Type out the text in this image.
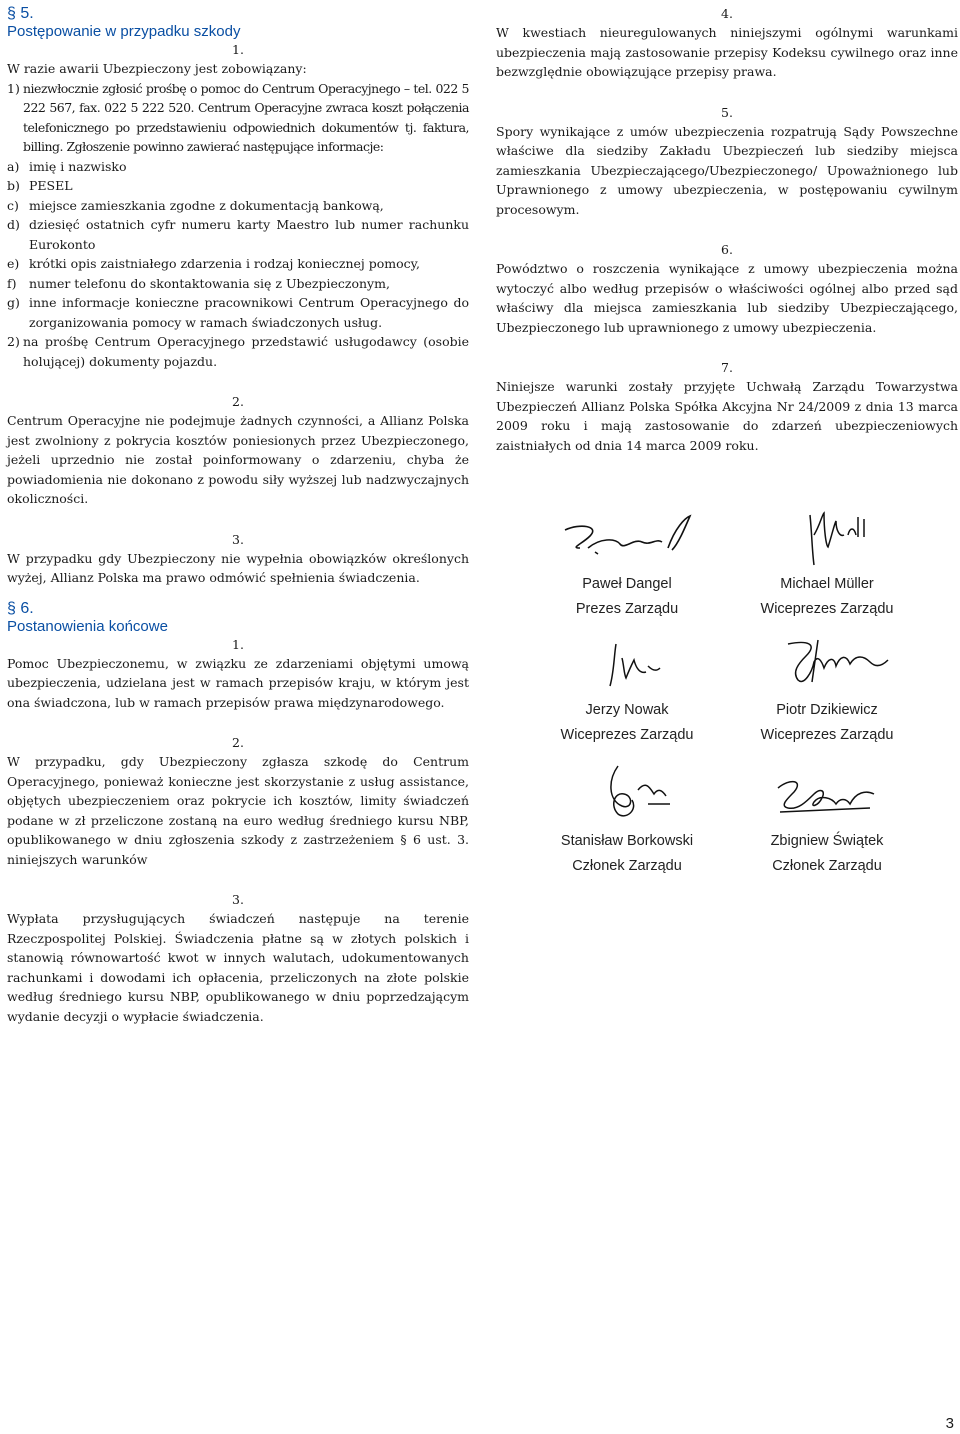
§ 5.
Postępowanie w przypadku szkody
1.

W razie awarii Ubezpieczony jest zobowiązany:

1) niezwłocznie zgłosić prośbę o pomoc do Centrum Operacyjnego – tel. 022 5 222 567, fax. 022 5 222 520. Centrum Operacyjne zwraca koszt połączenia telefonicznego po przedstawieniu odpowiednich dokumentów tj. faktura, billing. Zgłoszenie powinno zawierać następujące informacje:
a) imię i nazwisko
b) PESEL
c) miejsce zamieszkania zgodne z dokumentacją bankową,
d) dziesięć ostatnich cyfr numeru karty Maestro lub numer rachunku Eurokonto
e) krótki opis zaistniałego zdarzenia i rodzaj koniecznej pomocy,
f) numer telefonu do skontaktowania się z Ubezpieczonym,
g) inne informacje konieczne pracownikowi Centrum Operacyjnego do zorganizowania pomocy w ramach świadczonych usług.
2) na prośbę Centrum Operacyjnego przedstawić usługodawcy (osobie holującej) dokumenty pojazdu.
2.

Centrum Operacyjne nie podejmuje żadnych czynności, a Allianz Polska jest zwolniony z pokrycia kosztów poniesionych przez Ubezpieczonego, jeżeli uprzednio nie został poinformowany o zdarzeniu, chyba że powiadomienia nie dokonano z powodu siły wyższej lub nadzwyczajnych okoliczności.

3.

W przypadku gdy Ubezpieczony nie wypełnia obowiązków określonych wyżej, Allianz Polska ma prawo odmówić spełnienia świadczenia.

§ 6.
Postanowienia końcowe
1.

Pomoc Ubezpieczonemu, w związku ze zdarzeniami objętymi umową ubezpieczenia, udzielana jest w ramach przepisów kraju, w którym jest ona świadczona, lub w ramach przepisów prawa międzynarodowego.

2.

W przypadku, gdy Ubezpieczony zgłasza szkodę do Centrum Operacyjnego, ponieważ konieczne jest skorzystanie z usług assistance, objętych ubezpieczeniem oraz pokrycie ich kosztów, limity świadczeń podane w zł przeliczone zostaną na euro według średniego kursu NBP, opublikowanego w dniu zgłoszenia szkody z zastrzeżeniem § 6 ust. 3. niniejszych warunków

3.

Wypłata przysługujących świadczeń następuje na terenie Rzeczpospolitej Polskiej. Świadczenia płatne są w złotych polskich i stanowią równowartość kwot w innych walutach, udokumentowanych rachunkami i dowodami ich opłacenia, przeliczonych na złote polskie według średniego kursu NBP, opublikowanego w dniu poprzedzającym wydanie decyzji o wypłacie świadczenia.

4.

W kwestiach nieuregulowanych niniejszymi ogólnymi warunkami ubezpieczenia mają zastosowanie przepisy Kodeksu cywilnego oraz inne bezwzględnie obowiązujące przepisy prawa.

5.

Spory wynikające z umów ubezpieczenia rozpatrują Sądy Powszechne właściwe dla siedziby Zakładu Ubezpieczeń lub siedziby miejsca zamieszkania Ubezpieczającego/Ubezpieczonego/ Upoważnionego lub Uprawnionego z umowy ubezpieczenia, w postępowaniu cywilnym procesowym.

6.

Powództwo o roszczenia wynikające z umowy ubezpieczenia można wytoczyć albo według przepisów o właściwości ogólnej albo przed sąd właściwy dla miejsca zamieszkania lub siedziby Ubezpieczającego, Ubezpieczonego lub uprawnionego z umowy ubezpieczenia.

7.

Niniejsze warunki zostały przyjęte Uchwałą Zarządu Towarzystwa Ubezpieczeń Allianz Polska Spółka Akcyjna Nr 24/2009 z dnia 13 marca 2009 roku i mają zastosowanie do zdarzeń ubezpieczeniowych zaistniałych od dnia 14 marca 2009 roku.

Paweł Dangel
Prezes Zarządu
Michael Müller
Wiceprezes Zarządu
Jerzy Nowak
Wiceprezes Zarządu
Piotr Dzikiewicz
Wiceprezes Zarządu
Stanisław Borkowski
Członek Zarządu
Zbigniew Świątek
Członek Zarządu
3
